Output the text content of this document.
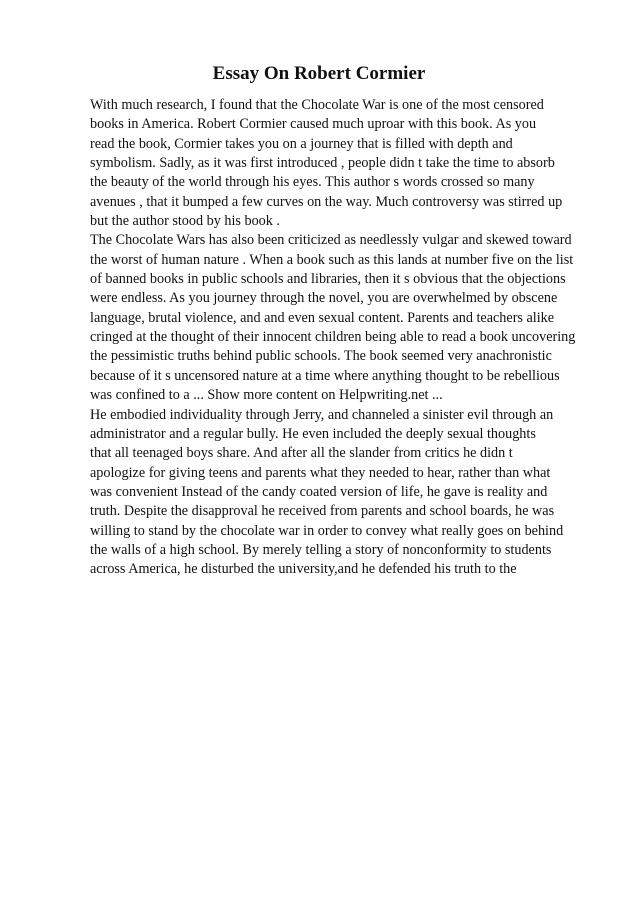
Essay On Robert Cormier
With much research, I found that the Chocolate War is one of the most censored
books in America. Robert Cormier caused much uproar with this book. As you
read the book, Cormier takes you on a journey that is filled with depth and
symbolism. Sadly, as it was first introduced , people didn t take the time to absorb
the beauty of the world through his eyes. This author s words crossed so many
avenues , that it bumped a few curves on the way. Much controversy was stirred up
but the author stood by his book .
The Chocolate Wars has also been criticized as needlessly vulgar and skewed toward
the worst of human nature . When a book such as this lands at number five on the list
of banned books in public schools and libraries, then it s obvious that the objections
were endless. As you journey through the novel, you are overwhelmed by obscene
language, brutal violence, and and even sexual content. Parents and teachers alike
cringed at the thought of their innocent children being able to read a book uncovering
the pessimistic truths behind public schools. The book seemed very anachronistic
because of it s uncensored nature at a time where anything thought to be rebellious
was confined to a ... Show more content on Helpwriting.net ...
He embodied individuality through Jerry, and channeled a sinister evil through an
administrator and a regular bully. He even included the deeply sexual thoughts
that all teenaged boys share. And after all the slander from critics he didn t
apologize for giving teens and parents what they needed to hear, rather than what
was convenient Instead of the candy coated version of life, he gave is reality and
truth. Despite the disapproval he received from parents and school boards, he was
willing to stand by the chocolate war in order to convey what really goes on behind
the walls of a high school. By merely telling a story of nonconformity to students
across America, he disturbed the university,and he defended his truth to the
